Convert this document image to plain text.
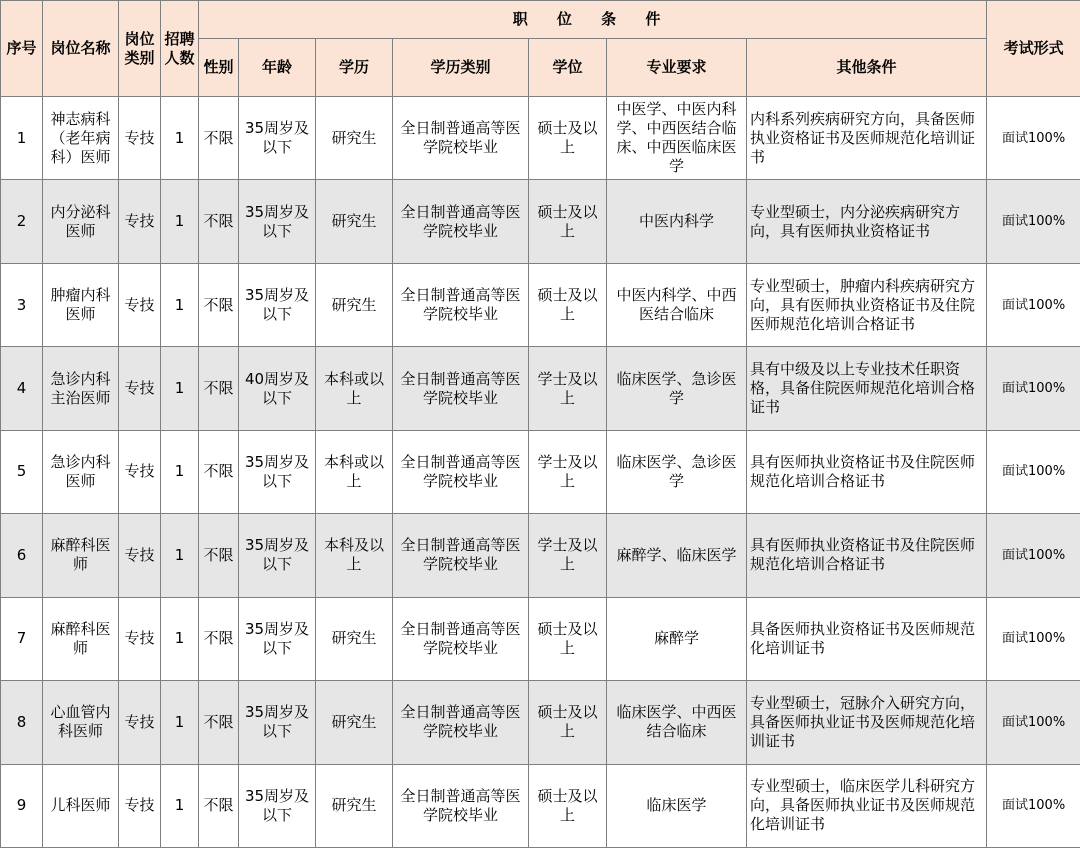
序号	岗位名称	岗位类别	招聘人数	职 位 条 件							考试形式
				性别	年龄	学历	学历类别	学位	专业要求	其他条件	
1	神志病科（老年病科）医师	专技	1	不限	35周岁及以下	研究生	全日制普通高等医学院校毕业	硕士及以上	中医学、中医内科学、中西医结合临床、中西医临床医学	内科系列疾病研究方向，具备医师执业资格证书及医师规范化培训证书	面试100%
2	内分泌科医师	专技	1	不限	35周岁及以下	研究生	全日制普通高等医学院校毕业	硕士及以上	中医内科学	专业型硕士，内分泌疾病研究方向，具有医师执业资格证书	面试100%
3	肿瘤内科医师	专技	1	不限	35周岁及以下	研究生	全日制普通高等医学院校毕业	硕士及以上	中医内科学、中西医结合临床	专业型硕士，肿瘤内科疾病研究方向，具有医师执业资格证书及住院医师规范化培训合格证书	面试100%
4	急诊内科主治医师	专技	1	不限	40周岁及以下	本科或以上	全日制普通高等医学院校毕业	学士及以上	临床医学、急诊医学	具有中级及以上专业技术任职资格，具备住院医师规范化培训合格证书	面试100%
5	急诊内科医师	专技	1	不限	35周岁及以下	本科或以上	全日制普通高等医学院校毕业	学士及以上	临床医学、急诊医学	具有医师执业资格证书及住院医师规范化培训合格证书	面试100%
6	麻醉科医师	专技	1	不限	35周岁及以下	本科及以上	全日制普通高等医学院校毕业	学士及以上	麻醉学、临床医学	具有医师执业资格证书及住院医师规范化培训合格证书	面试100%
7	麻醉科医师	专技	1	不限	35周岁及以下	研究生	全日制普通高等医学院校毕业	硕士及以上	麻醉学	具备医师执业资格证书及医师规范化培训证书	面试100%
8	心血管内科医师	专技	1	不限	35周岁及以下	研究生	全日制普通高等医学院校毕业	硕士及以上	临床医学、中西医结合临床	专业型硕士，冠脉介入研究方向，具备医师执业证书及医师规范化培训证书	面试100%
9	儿科医师	专技	1	不限	35周岁及以下	研究生	全日制普通高等医学院校毕业	硕士及以上	临床医学	专业型硕士，临床医学儿科研究方向，具备医师执业证书及医师规范化培训证书	面试100%
